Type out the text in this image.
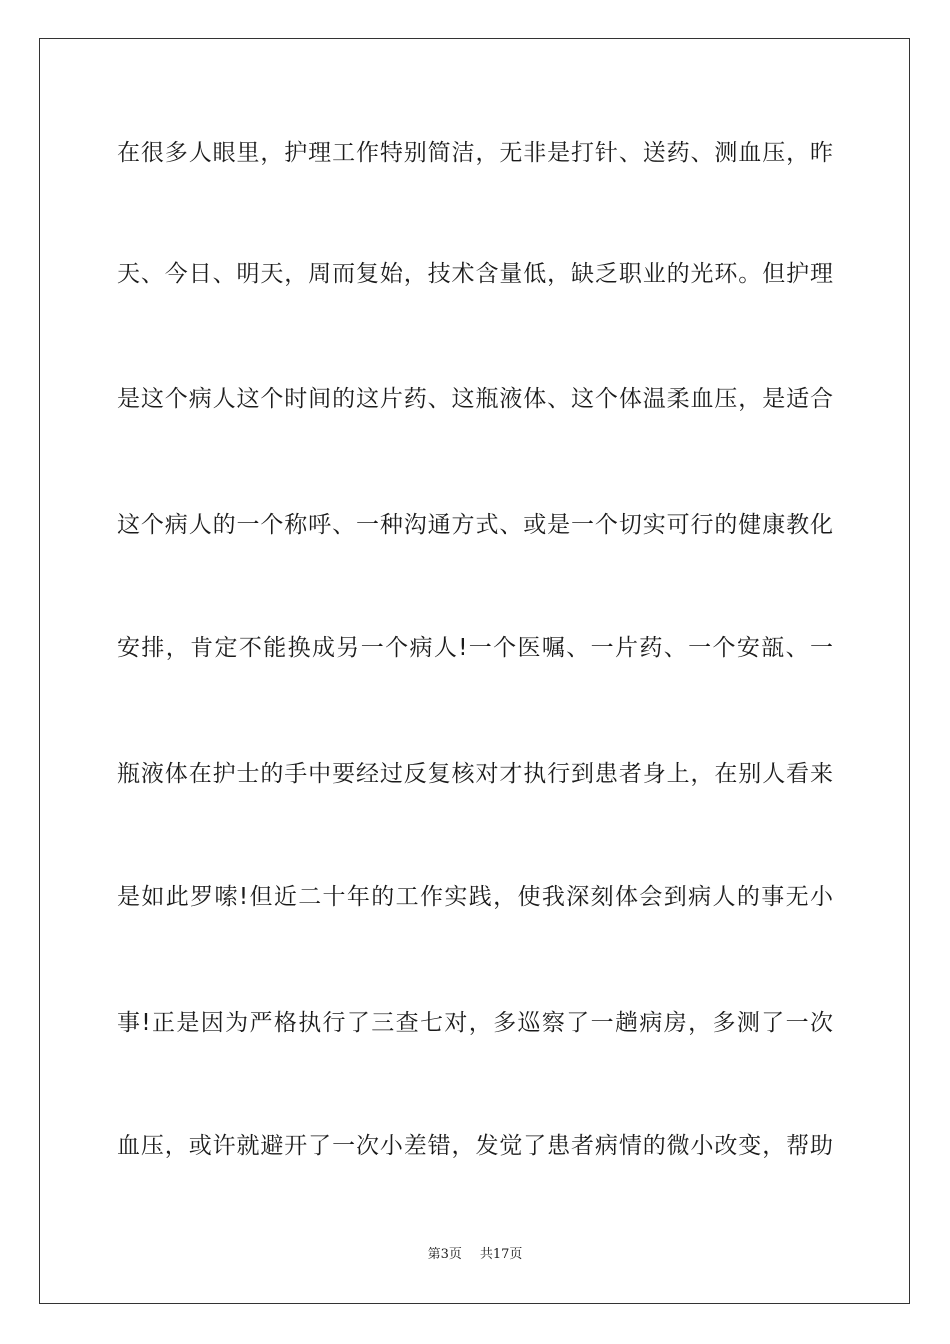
在很多人眼里，护理工作特别简洁，无非是打针、送药、测血压，昨
天、今日、明天，周而复始，技术含量低，缺乏职业的光环。但护理
是这个病人这个时间的这片药、这瓶液体、这个体温柔血压，是适合
这个病人的一个称呼、一种沟通方式、或是一个切实可行的健康教化
安排，肯定不能换成另一个病人!一个医嘱、一片药、一个安瓿、一
瓶液体在护士的手中要经过反复核对才执行到患者身上，在别人看来
是如此罗嗦!但近二十年的工作实践，使我深刻体会到病人的事无小
事!正是因为严格执行了三查七对，多巡察了一趟病房，多测了一次
血压，或许就避开了一次小差错，发觉了患者病情的微小改变，帮助
第3页 共17页
